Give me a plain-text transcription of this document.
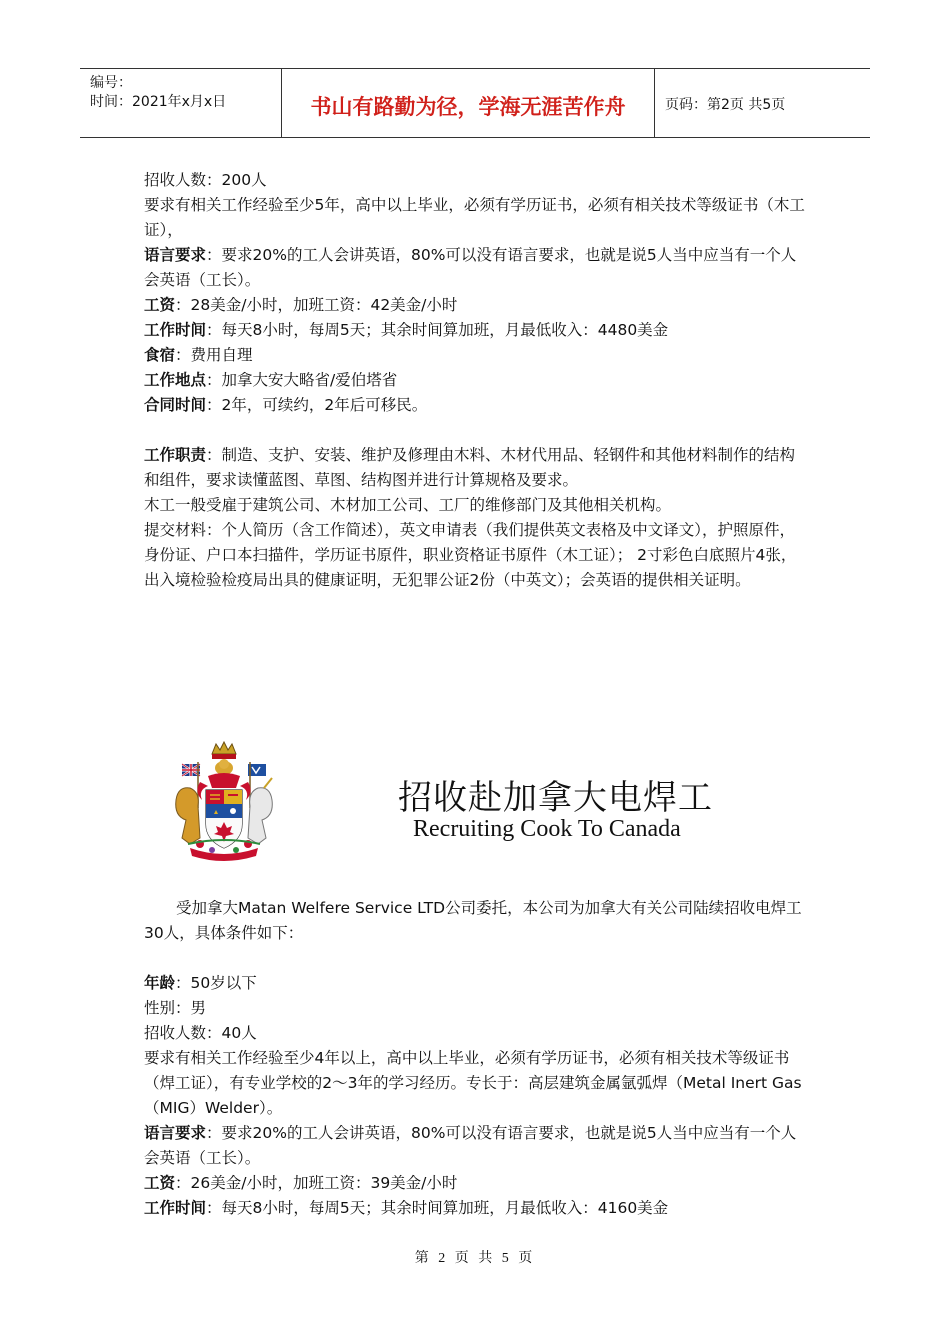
编号：
时间：2021年x月x日	书山有路勤为径，学海无涯苦作舟	页码：第2页 共5页

招收人数：200人

要求有相关工作经验至少5年，高中以上毕业，必须有学历证书，必须有相关技术等级证书（木工证），

语言要求：要求20%的工人会讲英语，80%可以没有语言要求，也就是说5人当中应当有一个人会英语（工长）。

工资：28美金/小时，加班工资：42美金/小时

工作时间：每天8小时，每周5天；其余时间算加班，月最低收入：4480美金

食宿：费用自理

工作地点：加拿大安大略省/爱伯塔省

合同时间：2年，可续约，2年后可移民。

工作职责：制造、支护、安装、维护及修理由木料、木材代用品、轻钢件和其他材料制作的结构和组件，要求读懂蓝图、草图、结构图并进行计算规格及要求。

木工一般受雇于建筑公司、木材加工公司、工厂的维修部门及其他相关机构。

提交材料：个人简历（含工作简述），英文申请表（我们提供英文表格及中文译文），护照原件，身份证、户口本扫描件，学历证书原件，职业资格证书原件（木工证）； 2寸彩色白底照片4张，出入境检验检疫局出具的健康证明，无犯罪公证2份（中英文）；会英语的提供相关证明。

招收赴加拿大电焊工
Recruiting Cook To Canada

受加拿大Matan Welfere Service LTD公司委托，本公司为加拿大有关公司陆续招收电焊工30人，具体条件如下：

年龄：50岁以下

性别：男

招收人数：40人

要求有相关工作经验至少4年以上，高中以上毕业，必须有学历证书，必须有相关技术等级证书（焊工证），有专业学校的2～3年的学习经历。专长于：高层建筑金属氩弧焊（Metal Inert Gas（MIG）Welder）。

语言要求：要求20%的工人会讲英语，80%可以没有语言要求，也就是说5人当中应当有一个人会英语（工长）。

工资：26美金/小时，加班工资：39美金/小时

工作时间：每天8小时，每周5天；其余时间算加班，月最低收入：4160美金

第 2 页 共 5 页
